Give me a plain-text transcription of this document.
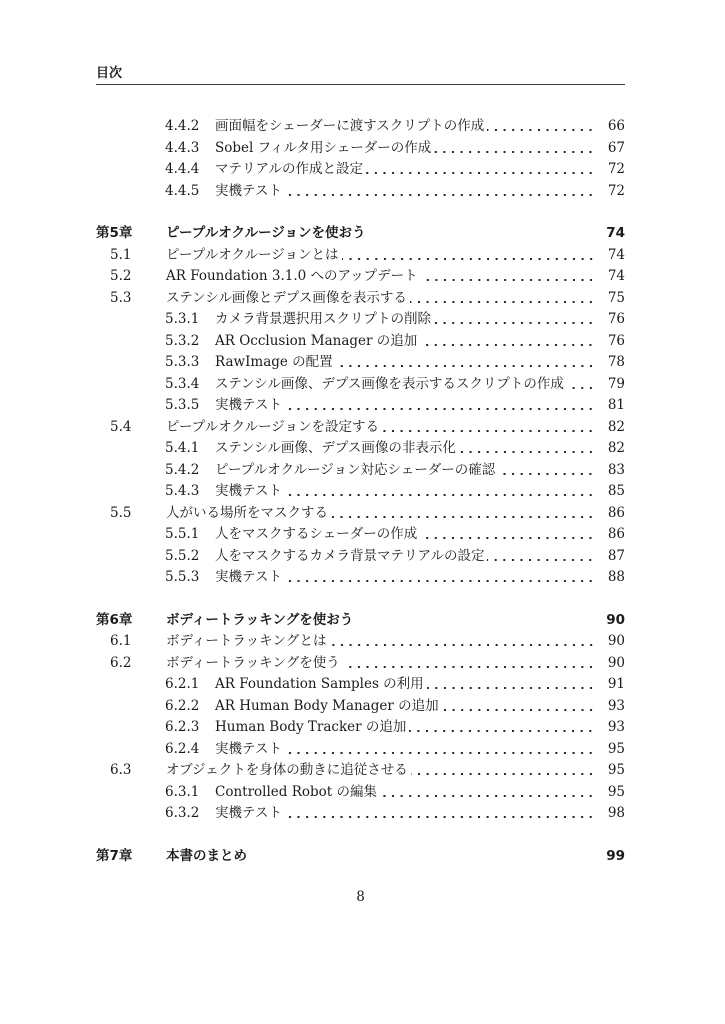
目次
4.4.2	画面幅をシェーダーに渡すスクリプトの作成	66
4.4.3	Sobel フィルタ用シェーダーの作成	67
4.4.4	マテリアルの作成と設定	72
4.4.5	実機テスト	72
第5章	ピープルオクルージョンを使おう	74
5.1	ピープルオクルージョンとは	74
5.2	AR Foundation 3.1.0 へのアップデート	74
5.3	ステンシル画像とデプス画像を表示する	75
5.3.1	カメラ背景選択用スクリプトの削除	76
5.3.2	AR Occlusion Manager の追加	76
5.3.3	RawImage の配置	78
5.3.4	ステンシル画像、デプス画像を表示するスクリプトの作成	79
5.3.5	実機テスト	81
5.4	ピープルオクルージョンを設定する	82
5.4.1	ステンシル画像、デプス画像の非表示化	82
5.4.2	ピープルオクルージョン対応シェーダーの確認	83
5.4.3	実機テスト	85
5.5	人がいる場所をマスクする	86
5.5.1	人をマスクするシェーダーの作成	86
5.5.2	人をマスクするカメラ背景マテリアルの設定	87
5.5.3	実機テスト	88
第6章	ボディートラッキングを使おう	90
6.1	ボディートラッキングとは	90
6.2	ボディートラッキングを使う	90
6.2.1	AR Foundation Samples の利用	91
6.2.2	AR Human Body Manager の追加	93
6.2.3	Human Body Tracker の追加	93
6.2.4	実機テスト	95
6.3	オブジェクトを身体の動きに追従させる	95
6.3.1	Controlled Robot の編集	95
6.3.2	実機テスト	98
第7章	本書のまとめ	99
8
